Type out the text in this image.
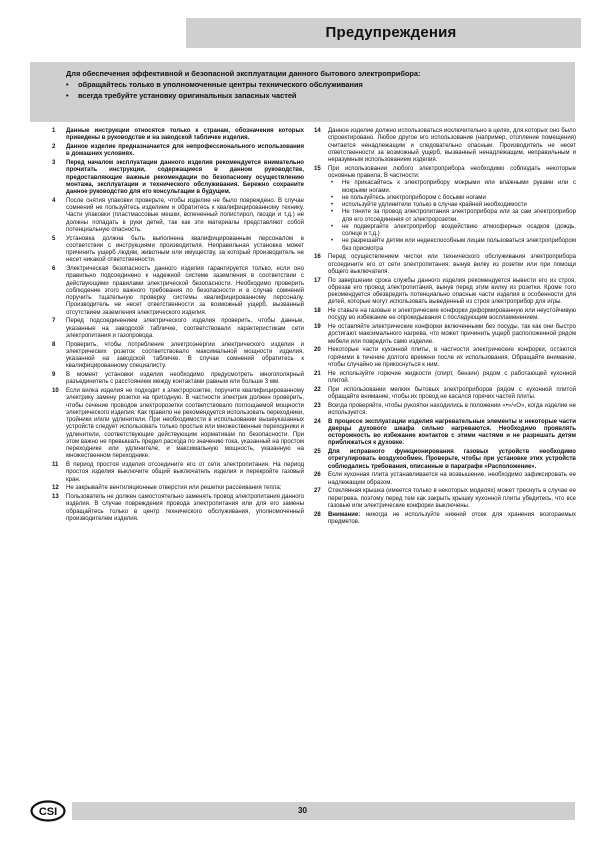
Предупреждения
Для обеспечения эффективной и безопасной эксплуатации данного бытового электроприбора:
• обращайтесь только в уполномоченные центры технического обслуживания
• всегда требуйте установку оригинальных запасных частей
1 Данные инструкции относятся только к странам, обозначения которых приведены в руководстве и на заводской табличке изделия.
2 Данное изделие предназначается для непрофессионального использования в домашних условиях.
3 Перед началом эксплуатации данного изделия рекомендуется внимательно прочитать инструкции, содержащиеся в данном руководстве, предоставляющие важные рекомендации по безопасному осуществлению монтажа, эксплуатации и технического обслуживания. Бережно сохраните данное руководство для его консультации в будущем.
4 После снятия упаковки проверьте, чтобы изделие не было повреждено. В случае сомнений не пользуйтесь изделием и обратитесь к квалифицированному технику. Части упаковки (пластмассовые мешки, вспененный полистирол, гвозди и т.д.) не должны попадать в руки детей, так как эти материалы представляют собой потенциальную опасность.
5 Установка должна быть выполнена квалифицированным персоналом в соответствии с инструкциями производителя. Неправильная установка может причинить ущерб людям, животным или имуществу, за который производитель не несет никакой ответственности.
6 Электрическая безопасность данного изделия гарантируется только, если оно правильно подсоединено к надежной системе заземления в соответствии с действующими правилами электрической безопасности. Необходимо проверить соблюдение этого важного требования по безопасности и в случае сомнений поручить тщательную проверку системы квалифицированному персоналу. Производитель не несет ответственности за возможный ущерб, вызванный отсутствием заземления электрического изделия.
7 Перед подсоединением электрического изделия проверить, чтобы данные, указанные на заводской табличке, соответствовали характеристикам сети электропитания и газопровода.
8 Проверить, чтобы потребление электроэнергии электрического изделия и электрических розеток соответствовало максимальной мощности изделия, указанной на заводской табличке. В случае сомнений обратитесь к квалифицированному специалисту.
9 В момент установки изделия необходимо предусмотреть многополярный разъединитель с расстоянием между контактами равным или больше 3 мм.
10 Если вилка изделия не подходит к электророзетке, поручите квалифицированному электрику замену розетки на пригодную. В частности электрик должен проверить, чтобы сечение проводов электророзетки соответствовало поглощаемой мощности электрического изделия. Как правило не рекомендуется использовать переходники, тройники и/или удлинители. При необходимости в использовании вышеуказанных устройств следует использовать только простые или множественные переходники и удлинители, соответствующие действующим нормативам по безопасности. При этом важно не превышать предел расхода по значению тока, указанный на простом переходнике или удлинителе, и максимальную мощность, указанную на множественном переходнике.
11 В период простоя изделия отсоедините его от сети электропитания. На период простоя изделия выключите общий выключатель изделия и перекройте газовый кран.
12 Не закрывайте вентиляционные отверстия или решетки рассеивания тепла;
13 Пользователь не должен самостоятельно заменять провод электропитания данного изделия. В случае повреждения провода электропитания или для его замены обращайтесь только в центр технического обслуживания, уполномоченный производителем изделия.
14 Данное изделие должно использоваться исключительно в целях, для которых оно было спроектировано. Любое другое его использование (например, отопление помещения) считается ненадлежащим и следовательно опасным. Производитель не несет ответственности за возможный ущерб, вызванный ненадлежащим, неправильным и неразумным использованием изделия.
15 При использовании любого электроприбора необходимо соблюдать некоторые основные правила. В частности:
• Не прикасайтесь к электроприбору мокрыми или влажными руками или с мокрыми ногами.
• не пользуйтесь электроприбором с босыми ногами
• используйте удлинители только в случае крайней необходимости
• Не тяните за провод электропитания электроприбора или за сам электроприбор для его отсоединения от электророзетки.
• не подвергайте электроприбор воздействию атмосферных осадков (дождь, солнце и т.д.)
• не разрешайте детям или недееспособным лицам пользоваться электроприбором без присмотра
16 Перед осуществлением чистки или технического обслуживания электроприбора отсоедините его от сети электропитания, вынув вилку из розетки или при помощи общего выключателя.
17 По завершении срока службы данного изделия рекомендуется вывести его из строя, обрезав его провод электропитания, вынув перед этим вилку из розетки. Кроме того рекомендуется обезвредить потенциально опасные части изделия в особенности для детей, которые могут использовать выведенный из строя электроприбор для игры.
18 Не ставьте на газовые и электрические конфорки деформированную или неустойчивую посуду во избежание ее опрокидывания с последующим воспламенением.
19 Не оставляйте электрические конфорки включенными без посуды, так как они быстро достигают максимального нагрева, что может причинить ущерб расположенной рядом мебели или повредить само изделие.
20 Некоторые части кухонной плиты, в частности электрические конфорки, остаются горячими в течение долгого времени после их использования. Обращайте внимание, чтобы случайно не прикоснуться к ним.
21 Не используйте горючие жидкости (спирт, бензин) рядом с работающей кухонной плитой.
22 При использовании мелких бытовых электроприборов рядом с кухонной плитой обращайте внимание, чтобы их провод не касался горячих частей плиты.
23 Всегда проверяйте, чтобы рукоятки находились в положении «•»/«O», когда изделие не используется.
24 В процессе эксплуатации изделия нагревательные элементы и некоторые части дверцы духового шкафа сильно нагреваются. Необходимо проявлять осторожность во избежание контактов с этими частями и не разрешать детям приближаться к духовке.
25 Для исправного функционирования газовых устройств необходимо отрегулировать воздухообмен. Проверьте, чтобы при установке этих устройств соблюдались требования, описанные в параграфе «Расположение».
26 Если кухонная плита устанавливается на возвышение, необходимо зафиксировать ее надлежащим образом.
27 Стеклянная крышка (имеется только в некоторых моделях) может треснуть в случае ее перегрева, поэтому перед тем как закрыть крышку кухонной плиты убедитесь, что все газовые или электрические конфорки выключены.
28 Внимание: никогда не используйте нижний отсек для хранения возгораемых предметов.
CSI	30
